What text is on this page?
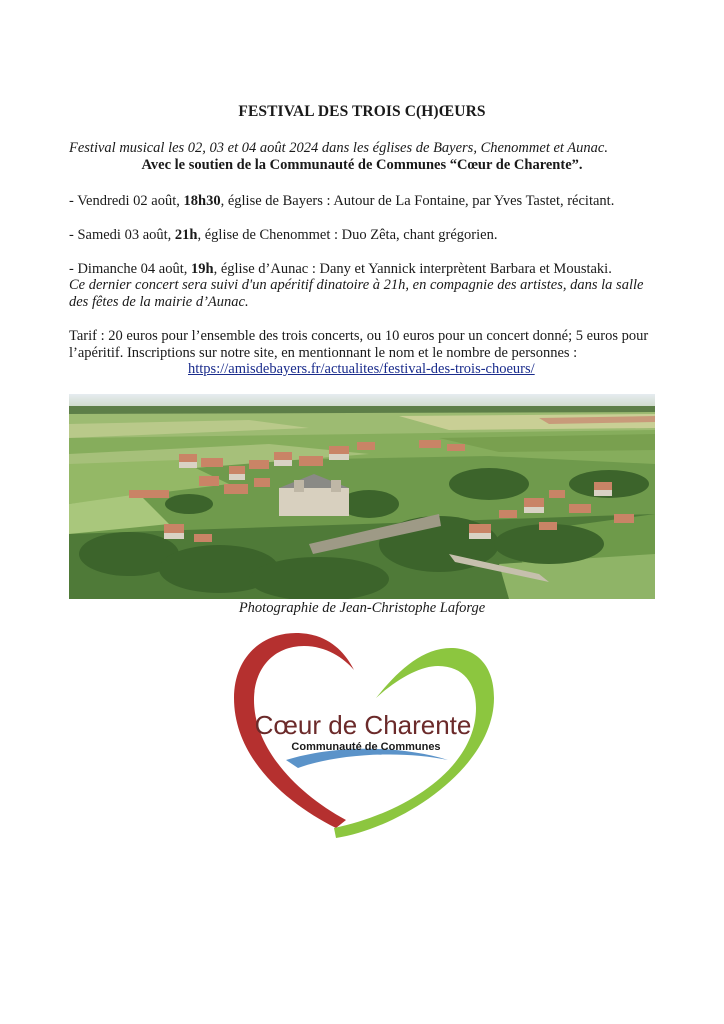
FESTIVAL DES TROIS C(H)ŒURS
Festival musical les 02, 03 et 04 août 2024 dans les églises de Bayers, Chenommet et Aunac.
Avec le soutien de la Communauté de Communes “Cœur de Charente”.
- Vendredi 02 août, 18h30, église de Bayers : Autour de La Fontaine, par Yves Tastet, récitant.
- Samedi 03 août, 21h, église de Chenommet : Duo Zêta, chant grégorien.
- Dimanche 04 août, 19h, église d’Aunac : Dany et Yannick interprètent Barbara et Moustaki.
Ce dernier concert sera suivi d'un apéritif dinatoire à 21h, en compagnie des artistes, dans la salle
des fêtes de la mairie d’Aunac.
Tarif : 20 euros pour l’ensemble des trois concerts, ou 10 euros pour un concert donné; 5 euros pour
l’apéritif. Inscriptions sur notre site, en mentionnant le nom et le nombre de personnes :
https://amisdebayers.fr/actualites/festival-des-trois-choeurs/
Photographie de Jean-Christophe Laforge
Cœur de Charente
Communauté de Communes
